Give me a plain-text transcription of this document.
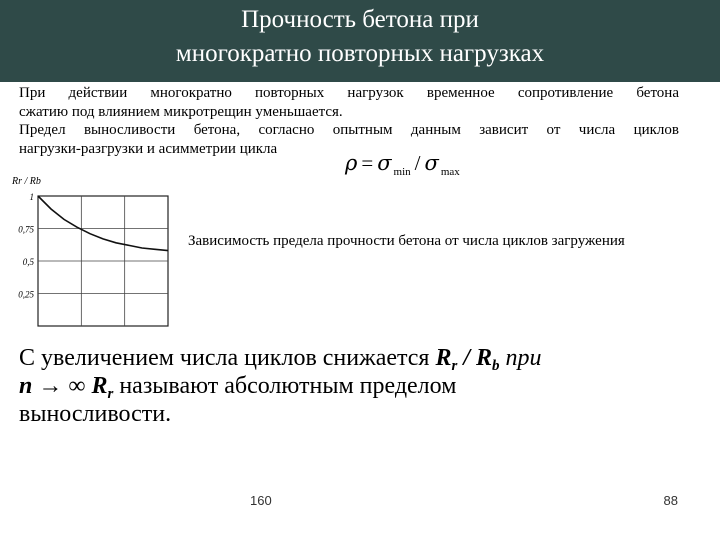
Прочность бетона при
многократно повторных нагрузках
При действии многократно повторных нагрузок временное сопротивление бетона
сжатию под влиянием микротрещин уменьшается.
Предел выносливости бетона, согласно опытным данным зависит от числа циклов
нагрузки-разгрузки и асимметрии цикла
ρ = σ $_{min}$ / σ $_{max}$
1
0,75
0,5
0,25
Rr / Rb
Зависимость предела прочности бетона от числа циклов загружения
С увеличением числа циклов снижается $R_r / R_b$ при
n → ∞ $R_r$ называют абсолютным пределом
выносливости.
160	88
